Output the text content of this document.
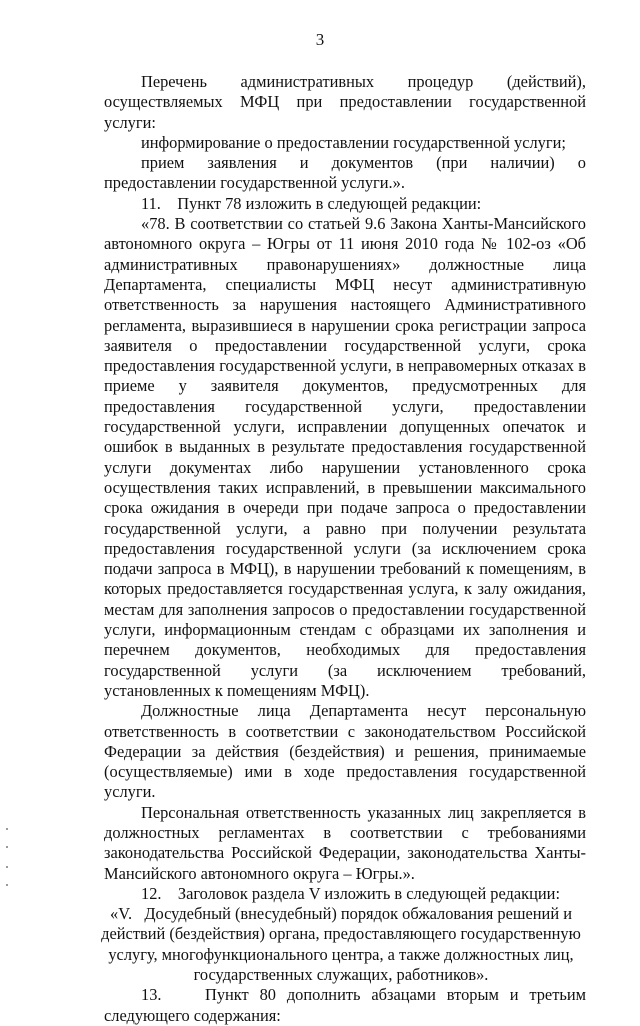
3

Перечень административных процедур (действий), осуществляемых МФЦ при предоставлении государственной услуги:

информирование о предоставлении государственной услуги;

прием заявления и документов (при наличии) о предоставлении государственной услуги.».

11.    Пункт 78 изложить в следующей редакции:

«78. В соответствии со статьей 9.6 Закона Ханты-Мансийского автономного округа – Югры от 11 июня 2010 года № 102-оз «Об административных правонарушениях» должностные лица Департамента, специалисты МФЦ несут административную ответственность за нарушения настоящего Административного регламента, выразившиеся в нарушении срока регистрации запроса заявителя о предоставлении государственной услуги, срока предоставления государственной услуги, в неправомерных отказах в приеме у заявителя документов, предусмотренных для предоставления государственной услуги, предоставлении государственной услуги, исправлении допущенных опечаток и ошибок в выданных в результате предоставления государственной услуги документах либо нарушении установленного срока осуществления таких исправлений, в превышении максимального срока ожидания в очереди при подаче запроса о предоставлении государственной услуги, а равно при получении результата предоставления государственной услуги (за исключением срока подачи запроса в МФЦ), в нарушении требований к помещениям, в которых предоставляется государственная услуга, к залу ожидания, местам для заполнения запросов о предоставлении государственной услуги, информационным стендам с образцами их заполнения и перечнем документов, необходимых для предоставления государственной услуги (за исключением требований, установленных к помещениям МФЦ).

Должностные лица Департамента несут персональную ответственность в соответствии с законодательством Российской Федерации за действия (бездействия) и решения, принимаемые (осуществляемые) ими в ходе предоставления государственной услуги.

Персональная ответственность указанных лиц закрепляется в должностных регламентах в соответствии с требованиями законодательства Российской Федерации, законодательства Ханты-Мансийского автономного округа – Югры.».

12.    Заголовок раздела V изложить в следующей редакции:

«V.   Досудебный (внесудебный) порядок обжалования решений и действий (бездействия) органа, предоставляющего государственную услугу, многофункционального центра, а также должностных лиц, государственных служащих, работников».

13.    Пункт 80 дополнить абзацами вторым и третьим следующего содержания:
